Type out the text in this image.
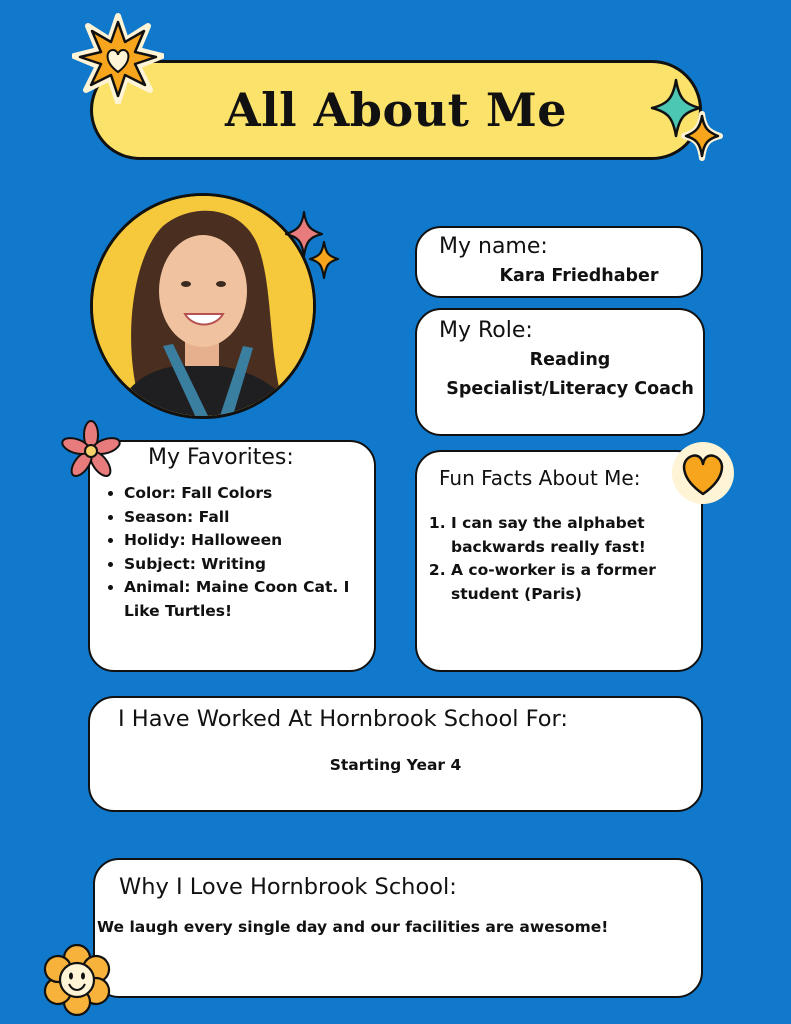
All About Me
My name:
Kara Friedhaber
My Role:
Reading Specialist/Literacy Coach
My Favorites:
• Color: Fall Colors
• Season: Fall
• Holidy: Halloween
• Subject: Writing
• Animal: Maine Coon Cat. I Like Turtles!
Fun Facts About Me:
1. I can say the alphabet backwards really fast!
2. A co-worker is a former student (Paris)
I Have Worked At Hornbrook School For:
Starting Year 4
Why I Love Hornbrook School:
We laugh every single day and our facilities are awesome!
